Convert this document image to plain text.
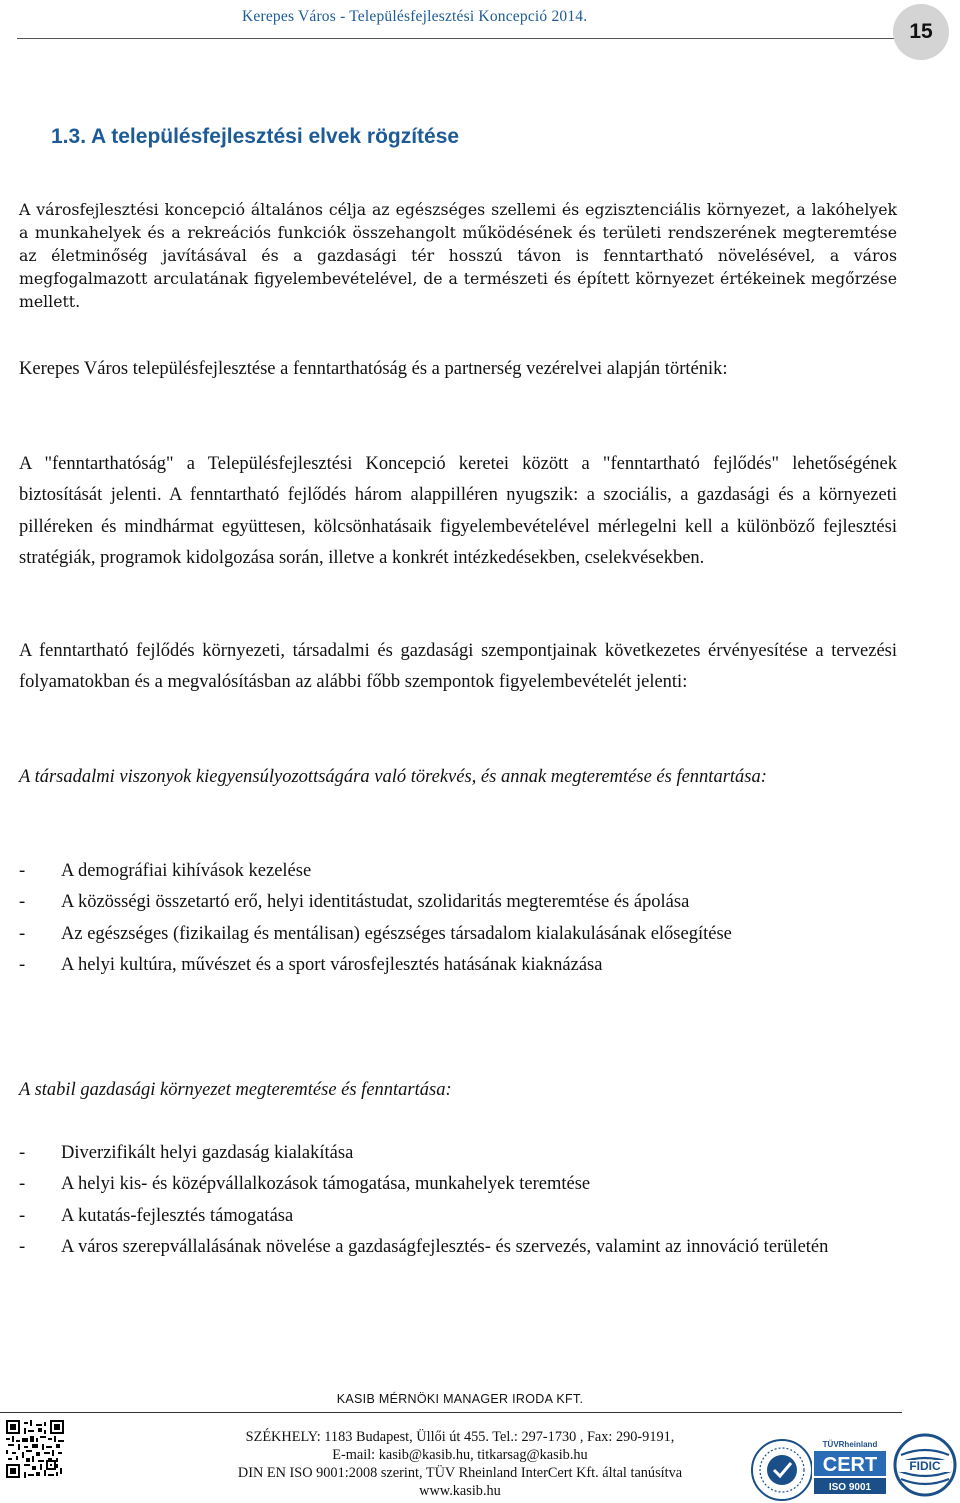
Kerepes Város - Településfejlesztési Koncepció 2014.
15
1.3. A településfejlesztési elvek rögzítése
A városfejlesztési koncepció általános célja az egészséges szellemi és egzisztenciális környezet, a lakóhelyek a munkahelyek és a rekreációs funkciók összehangolt működésének és területi rendszerének megteremtése az életminőség javításával és a gazdasági tér hosszú távon is fenntartható növelésével, a város megfogalmazott arculatának figyelembevételével, de a természeti és épített környezet értékeinek megőrzése mellett.
Kerepes Város településfejlesztése a fenntarthatóság és a partnerség vezérelvei alapján történik:
A "fenntarthatóság" a Településfejlesztési Koncepció keretei között a "fenntartható fejlődés" lehetőségének biztosítását jelenti. A fenntartható fejlődés három alappilléren nyugszik: a szociális, a gazdasági és a környezeti pilléreken és mindhármat együttesen, kölcsönhatásaik figyelembevételével mérlegelni kell a különböző fejlesztési stratégiák, programok kidolgozása során, illetve a konkrét intézkedésekben, cselekvésekben.
A fenntartható fejlődés környezeti, társadalmi és gazdasági szempontjainak következetes érvényesítése a tervezési folyamatokban és a megvalósításban az alábbi főbb szempontok figyelembevételét jelenti:
A társadalmi viszonyok kiegyensúlyozottságára való törekvés, és annak megteremtése és fenntartása:
- A demográfiai kihívások kezelése
- A közösségi összetartó erő, helyi identitástudat, szolidaritás megteremtése és ápolása
- Az egészséges (fizikailag és mentálisan) egészséges társadalom kialakulásának elősegítése
- A helyi kultúra, művészet és a sport városfejlesztés hatásának kiaknázása
A stabil gazdasági környezet megteremtése és fenntartása:
- Diverzifikált helyi gazdaság kialakítása
- A helyi kis- és középvállalkozások támogatása, munkahelyek teremtése
- A kutatás-fejlesztés támogatása
- A város szerepvállalásának növelése a gazdaságfejlesztés- és szervezés, valamint az innováció területén
KASIB MÉRNÖKI MANAGER IRODA KFT.
SZÉKHELY: 1183 Budapest, Üllői út 455. Tel.: 297-1730 , Fax: 290-9191,
E-mail: kasib@kasib.hu, titkarsag@kasib.hu
DIN EN ISO 9001:2008 szerint, TÜV Rheinland InterCert Kft. által tanúsítva
www.kasib.hu
TÜVRheinland
CERT
ISO 9001
FIDIC
